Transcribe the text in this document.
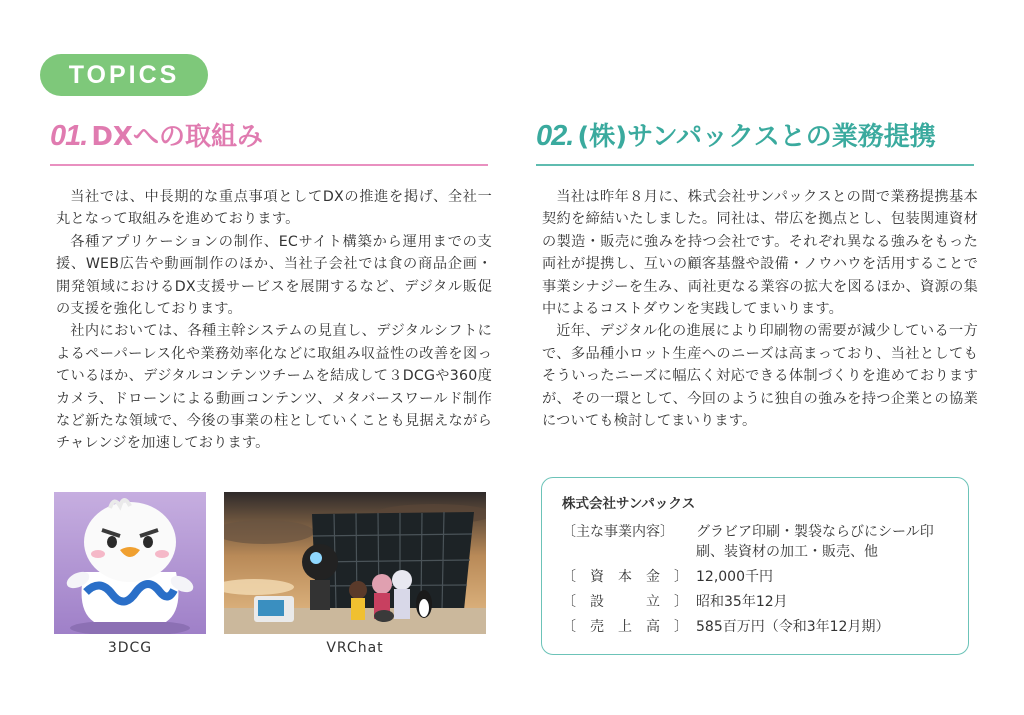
TOPICS
01. DXへの取組み

当社では、中長期的な重点事項としてDXの推進を掲げ、全社一丸となって取組みを進めております。

各種アプリケーションの制作、ECサイト構築から運用までの支援、WEB広告や動画制作のほか、当社子会社では食の商品企画・開発領域におけるDX支援サービスを展開するなど、デジタル販促の支援を強化しております。

社内においては、各種主幹システムの見直し、デジタルシフトによるペーパーレス化や業務効率化などに取組み収益性の改善を図っているほか、デジタルコンテンツチームを結成して３DCGや360度カメラ、ドローンによる動画コンテンツ、メタバースワールド制作など新たな領域で、今後の事業の柱としていくことも見据えながらチャレンジを加速しております。

02. (株)サンパックスとの業務提携

当社は昨年８月に、株式会社サンパックスとの間で業務提携基本契約を締結いたしました。同社は、帯広を拠点とし、包装関連資材の製造・販売に強みを持つ会社です。それぞれ異なる強みをもった両社が提携し、互いの顧客基盤や設備・ノウハウを活用することで事業シナジーを生み、両社更なる業容の拡大を図るほか、資源の集中によるコストダウンを実践してまいります。

近年、デジタル化の進展により印刷物の需要が減少している一方で、多品種小ロット生産へのニーズは高まっており、当社としてもそういったニーズに幅広く対応できる体制づくりを進めておりますが、その一環として、今回のように独自の強みを持つ企業との協業についても検討してまいります。

3DCG	VRChat
株式会社サンパックス
〔主な事業内容〕	グラビア印刷・製袋ならびにシール印刷、装資材の加工・販売、他
〔　資　本　金　〕 12,000千円
〔　設　　　立　〕 昭和35年12月
〔　売　上　高　〕 585百万円（令和3年12月期）
